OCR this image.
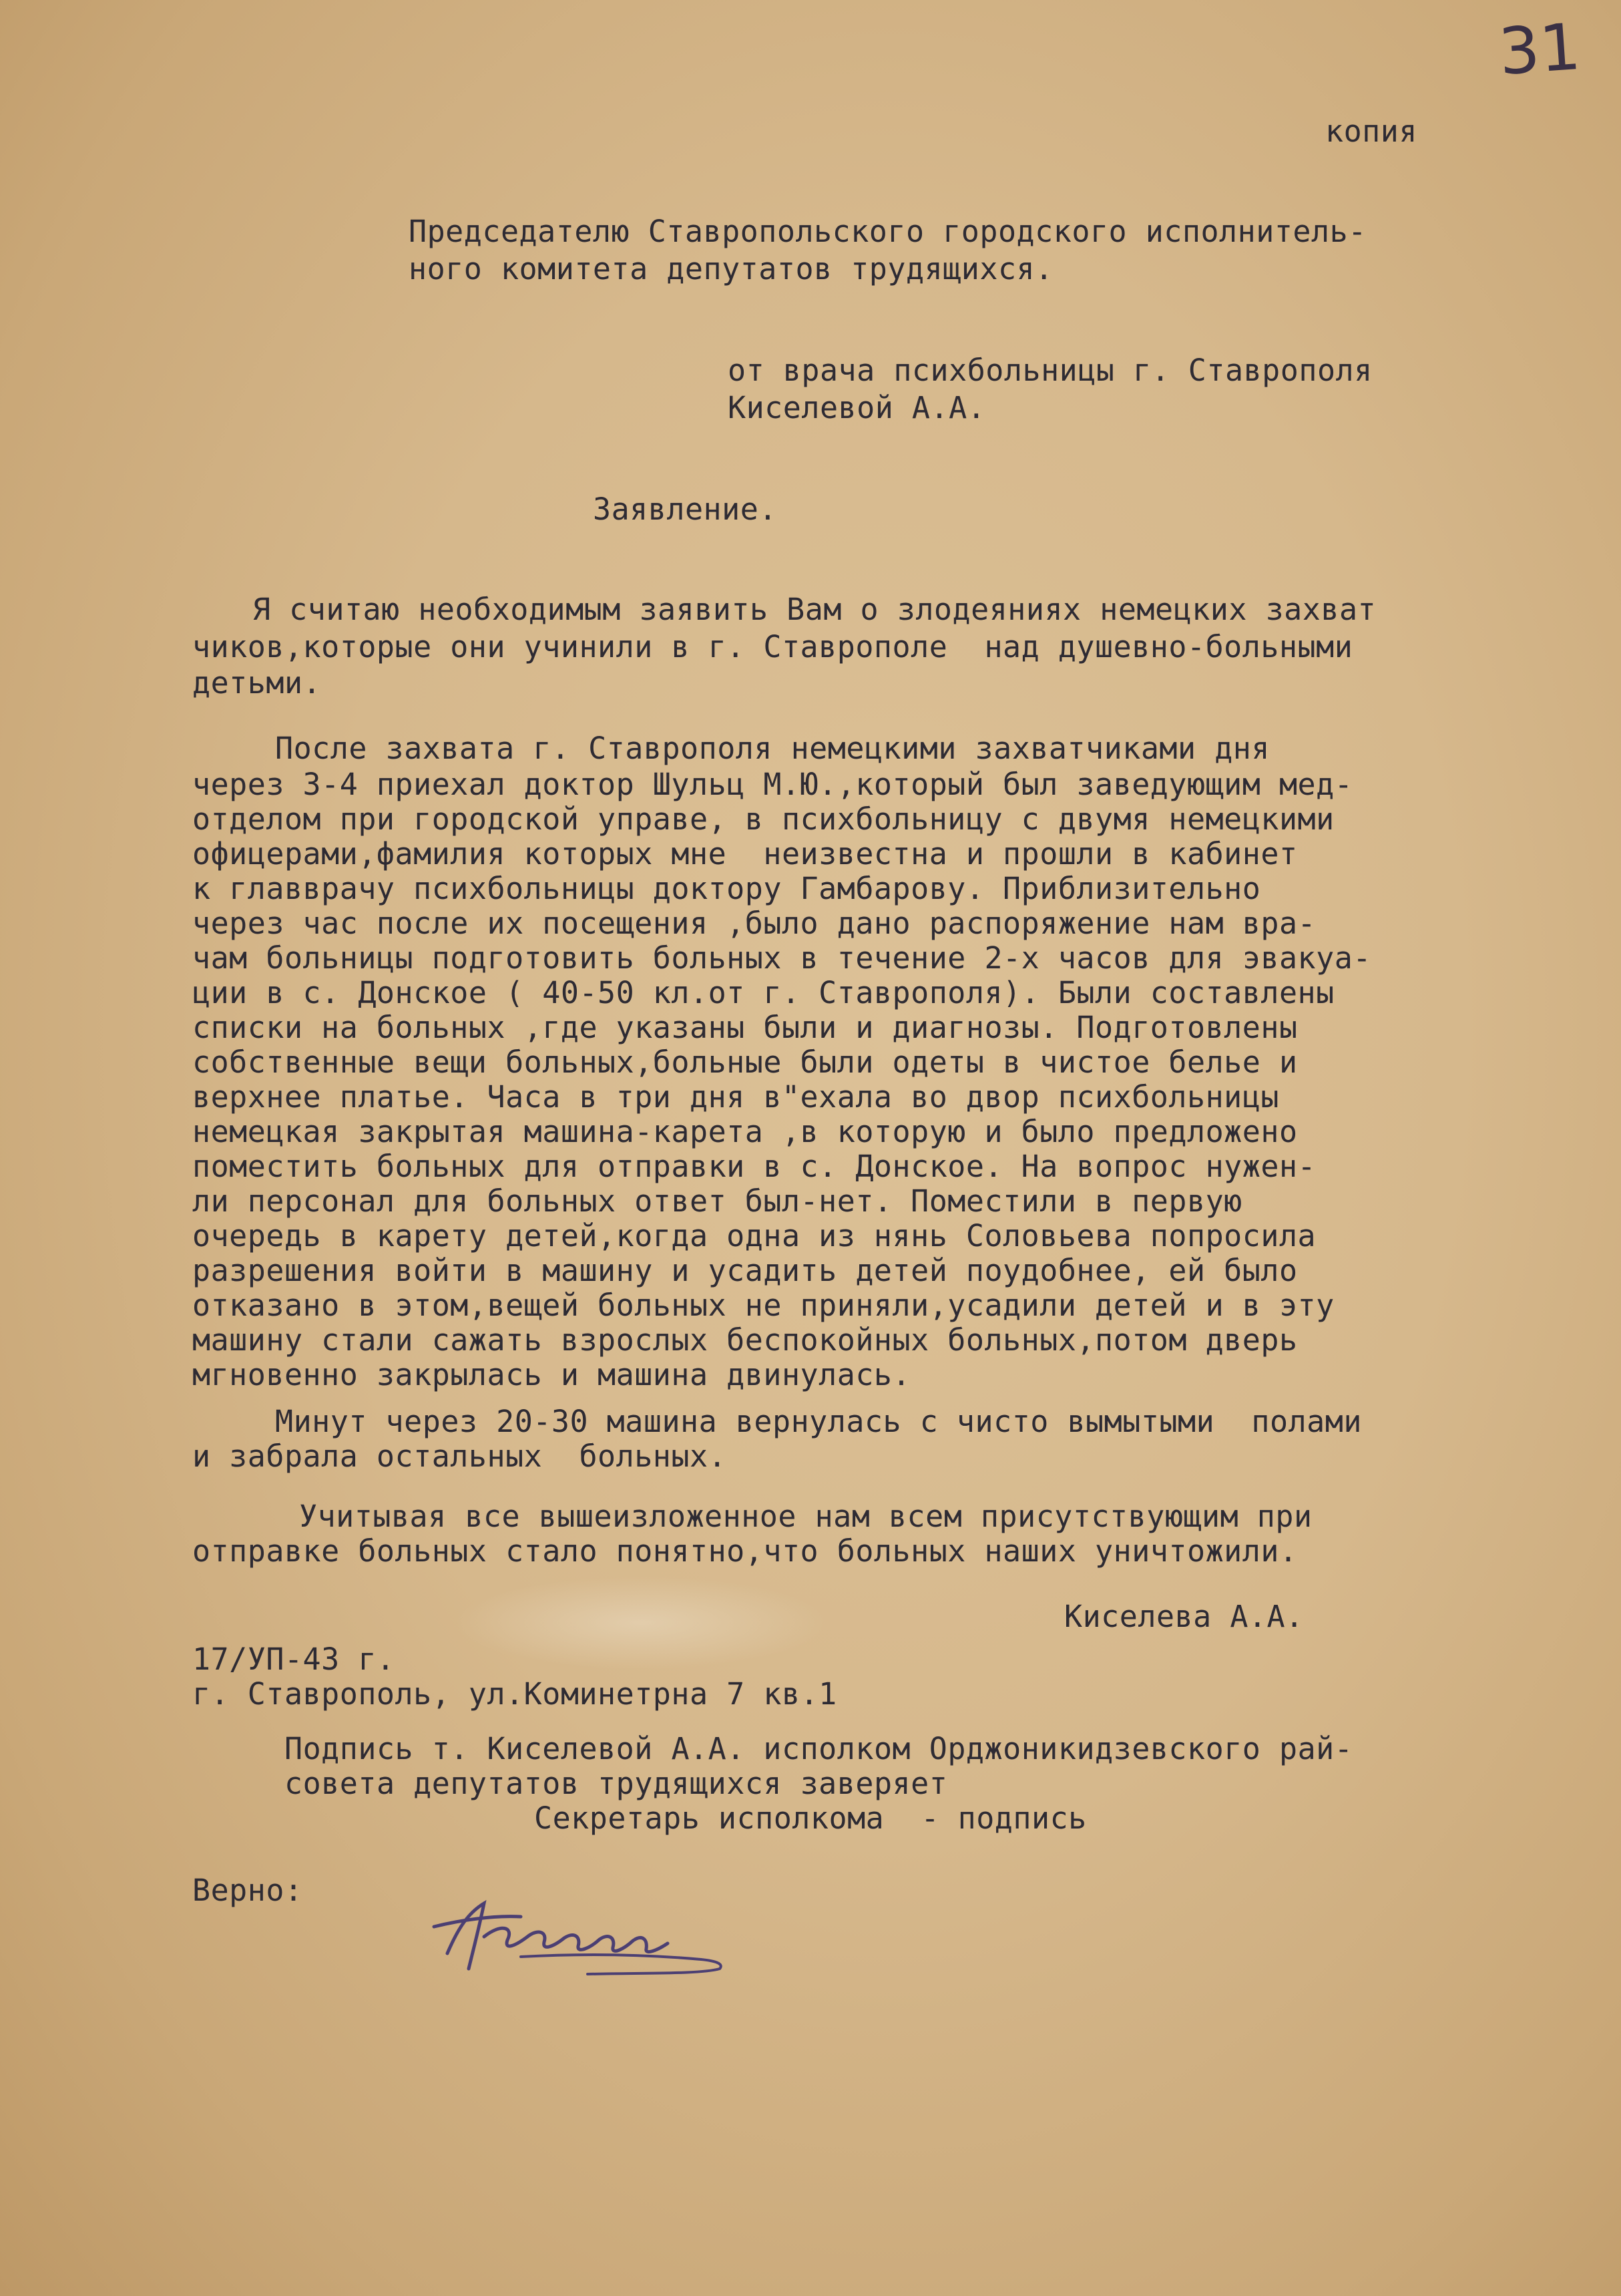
31
копия
Председателю Ставропольского городского исполнитель-
ного комитета депутатов трудящихся.
от врача психбольницы г. Ставрополя
Киселевой А.А.
Заявление.
Я считаю необходимым заявить Вам о злодеяниях немецких захват
чиков,которые они учинили в г. Ставрополе  над душевно-больными
детьми.
После захвата г. Ставрополя немецкими захватчиками дня
через 3-4 приехал доктор Шульц М.Ю.,который был заведующим мед-
отделом при городской управе, в психбольницу с двумя немецкими
офицерами,фамилия которых мне  неизвестна и прошли в кабинет
к главврачу психбольницы доктору Гамбарову. Приблизительно
через час после их посещения ,было дано распоряжение нам вра-
чам больницы подготовить больных в течение 2-х часов для эвакуа-
ции в с. Донское ( 40-50 кл.от г. Ставрополя). Были составлены
списки на больных ,где указаны были и диагнозы. Подготовлены
собственные вещи больных,больные были одеты в чистое белье и
верхнее платье. Часа в три дня в"ехала во двор психбольницы
немецкая закрытая машина-карета ,в которую и было предложено
поместить больных для отправки в с. Донское. На вопрос нужен-
ли персонал для больных ответ был-нет. Поместили в первую
очередь в карету детей,когда одна из нянь Соловьева попросила
разрешения войти в машину и усадить детей поудобнее, ей было
отказано в этом,вещей больных не приняли,усадили детей и в эту
машину стали сажать взрослых беспокойных больных,потом дверь
мгновенно закрылась и машина двинулась.
Минут через 20-30 машина вернулась с чисто вымытыми  полами
и забрала остальных  больных.
Учитывая все вышеизложенное нам всем присутствующим при
отправке больных стало понятно,что больных наших уничтожили.
Киселева А.А.
17/УП-43 г.
г. Ставрополь, ул.Коминетрна 7 кв.1
Подпись т. Киселевой А.А. исполком Орджоникидзевского рай-
совета депутатов трудящихся заверяет
Секретарь исполкома  - подпись
Верно:
